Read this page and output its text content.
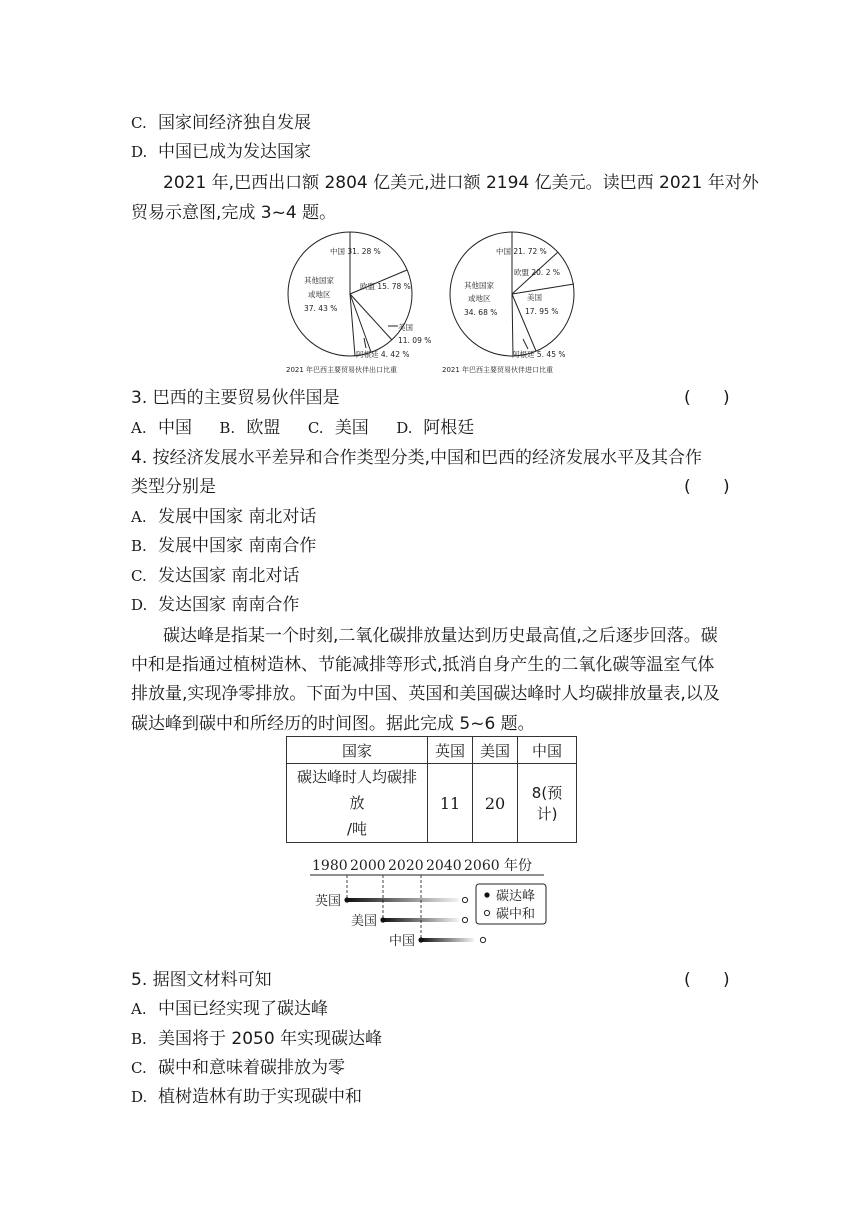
C. 国家间经济独自发展
D. 中国已成为发达国家
2021 年,巴西出口额 2804 亿美元,进口额 2194 亿美元。读巴西 2021 年对外
贸易示意图,完成 3~4 题。
中国 31. 28 %
欧盟 15. 78 %
其他国家
或地区
37. 43 %
美国
11. 09 %
阿根廷 4. 42 %
2021 年巴西主要贸易伙伴出口比重
中国 21. 72 %
欧盟 20. 2 %
其他国家
或地区
34. 68 %
美国
17. 95 %
阿根廷 5. 45 %
2021 年巴西主要贸易伙伴进口比重
3. 巴西的主要贸易伙伴国是	(      )
A. 中国 B. 欧盟 C. 美国 D. 阿根廷
4. 按经济发展水平差异和合作类型分类,中国和巴西的经济发展水平及其合作
类型分别是	(      )
A. 发展中国家 南北对话
B. 发展中国家 南南合作
C. 发达国家 南北对话
D. 发达国家 南南合作
碳达峰是指某一个时刻,二氧化碳排放量达到历史最高值,之后逐步回落。碳
中和是指通过植树造林、节能减排等形式,抵消自身产生的二氧化碳等温室气体
排放量,实现净零排放。下面为中国、英国和美国碳达峰时人均碳排放量表,以及
碳达峰到碳中和所经历的时间图。据此完成 5~6 题。
国家	英国	美国	中国
碳达峰时人均碳排放
/吨	11	20	8(预计)
1980 2000 2020 2040 2060 年份
英国
美国
中国
碳达峰
碳中和
5. 据图文材料可知	(      )
A. 中国已经实现了碳达峰
B. 美国将于 2050 年实现碳达峰
C. 碳中和意味着碳排放为零
D. 植树造林有助于实现碳中和
